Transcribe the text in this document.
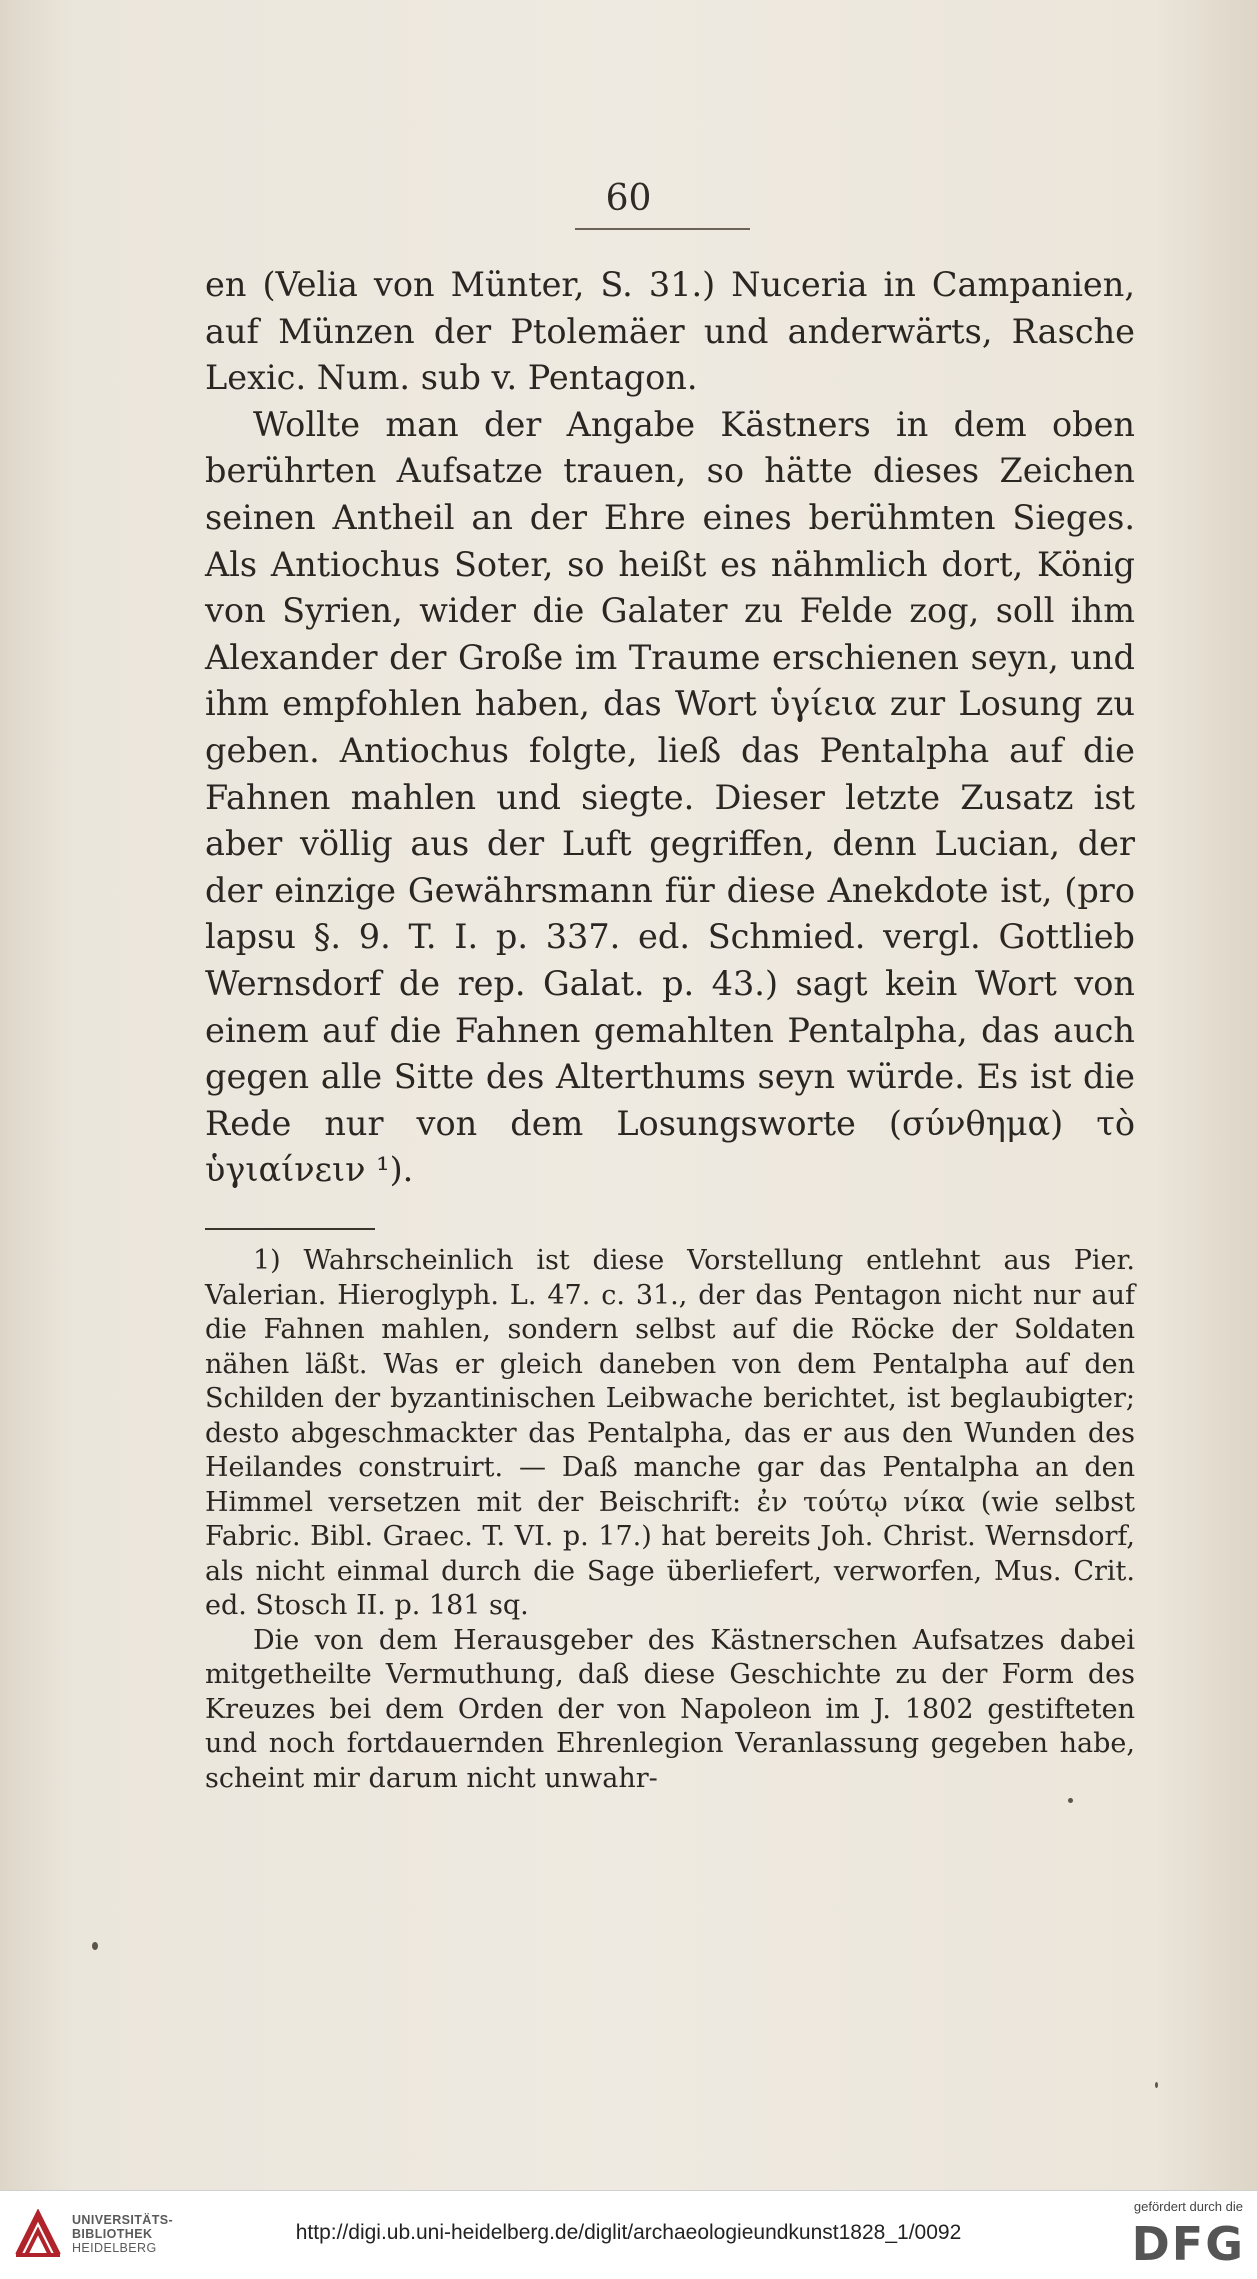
60

en (Velia von Münter, S. 31.) Nuceria in Campanien, auf Münzen der Ptolemäer und anderwärts, Rasche Lexic. Num. sub v. Pentagon.

Wollte man der Angabe Kästners in dem oben berührten Aufsatze trauen, so hätte dieses Zeichen seinen Antheil an der Ehre eines berühmten Sieges. Als Antiochus Soter, so heißt es nähmlich dort, König von Syrien, wider die Galater zu Felde zog, soll ihm Alexander der Große im Traume erschienen seyn, und ihm empfohlen haben, das Wort ὑγίεια zur Losung zu geben. Antiochus folgte, ließ das Pentalpha auf die Fahnen mahlen und siegte. Dieser letzte Zusatz ist aber völlig aus der Luft gegriffen, denn Lucian, der der einzige Gewährsmann für diese Anekdote ist, (pro lapsu §. 9. T. I. p. 337. ed. Schmied. vergl. Gottlieb Wernsdorf de rep. Galat. p. 43.) sagt kein Wort von einem auf die Fahnen gemahlten Pentalpha, das auch gegen alle Sitte des Alterthums seyn würde. Es ist die Rede nur von dem Losungsworte (σύνθημα) τὸ ὑγιαίνειν ¹).

1) Wahrscheinlich ist diese Vorstellung entlehnt aus Pier. Valerian. Hieroglyph. L. 47. c. 31., der das Pentagon nicht nur auf die Fahnen mahlen, sondern selbst auf die Röcke der Soldaten nähen läßt. Was er gleich daneben von dem Pentalpha auf den Schilden der byzantinischen Leibwache berichtet, ist beglaubigter; desto abgeschmackter das Pentalpha, das er aus den Wunden des Heilandes construirt. — Daß manche gar das Pentalpha an den Himmel versetzen mit der Beischrift: ἐν τούτῳ νίκα (wie selbst Fabric. Bibl. Graec. T. VI. p. 17.) hat bereits Joh. Christ. Wernsdorf, als nicht einmal durch die Sage überliefert, verworfen, Mus. Crit. ed. Stosch II. p. 181 sq.

Die von dem Herausgeber des Kästnerschen Aufsatzes dabei mitgetheilte Vermuthung, daß diese Geschichte zu der Form des Kreuzes bei dem Orden der von Napoleon im J. 1802 gestifteten und noch fortdauernden Ehrenlegion Veranlassung gegeben habe, scheint mir darum nicht unwahr-

UNIVERSITÄTS-
BIBLIOTHEK
HEIDELBERG
http://digi.ub.uni-heidelberg.de/diglit/archaeologieundkunst1828_1/0092
gefördert durch die
DFG
